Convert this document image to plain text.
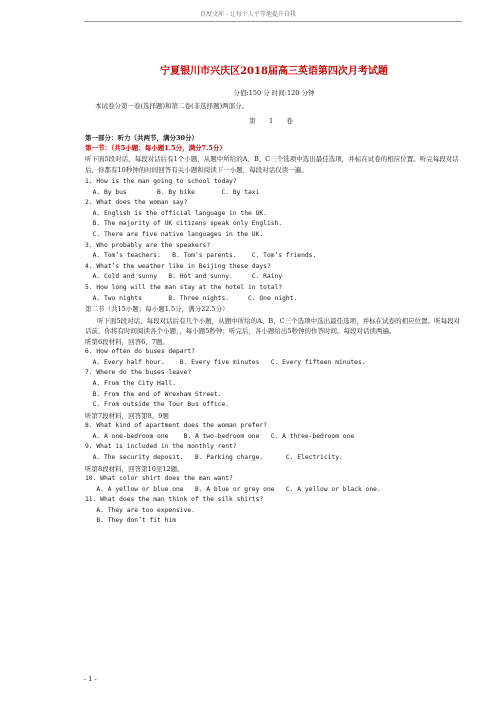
百度文库 - 让每个人平等地提升自我

宁夏银川市兴庆区2018届高三英语第四次月考试题

分值:150 分 时间:120 分钟
本试卷分第一卷(选择题)和第二卷(非选择题)两部分。
第 I 卷
第一部分：听力（共两节，满分30分）
第一节：（共5小题；每小题1.5分，满分7.5分）
听下面5段对话，每段对话后有1个小题，从题中所给的A、B、C三个选项中选出最佳选项，并标在试卷的相应位置。听完每段对话后，你都有10秒钟的时间回答有关小题和阅读下一小题，每段对话仅读一遍。
1. How is the man going to school today?
A. By bus        B. By bike       C. By taxi
2. What does the woman say?
A. English is the official language in the UK.
B. The majority of UK citizens speak only English.
C. There are five native languages in the UK.
3. Who probably are the speakers?
A. Tom’s teachers.   B. Tom’s parents.    C. Tom’s friends.
4. What’s the weather like in Beijing these days?
A. Cold and sunny   B. Hot and sunny.     C. Rainy
5. How long will the man stay at the hotel in total?
A. Two nights       B. Three nights.     C. One night.
第二节（共15小题；每小题1.5分，满分22.5分）
听下面5段对话，每段对话后有几个小题，从题中所给的A、B、C三个选项中选出最佳选项，并标在试卷的相应位置。听每段对话前，你将有时间阅读各个小题，，每小题5秒钟；听完后，各小题给出5秒钟的作答时间。每段对话读两遍。
听第6段材料，回答6、7题。
6. How often do buses depart?
A. Every half hour.    B. Every five minutes   C. Every fifteen minutes.
7. Where do the buses leave?
A. From the City Hall.
B. From the end of Wrexham Street.
C. From outside the Tour Bus office.
听第7段材料，回答第8、9题
8. What kind of apartment does the woman prefer?
A. A one-bedroom one    B. A two-bedroom one   C. A three-bedroom one
9. What is included in the monthly rent?
A. The security deposit.   B. Parking charge.      C. Electricity.
听第8段材料，回答第10至12题。
10. What color shirt does the man want?
A. A yellow or blue one   B. A blue or grey one   C. A yellow or black one.
11. What does the man think of the silk shirts?
A. They are too expensive.
B. They don’t fit him
- 1 -
